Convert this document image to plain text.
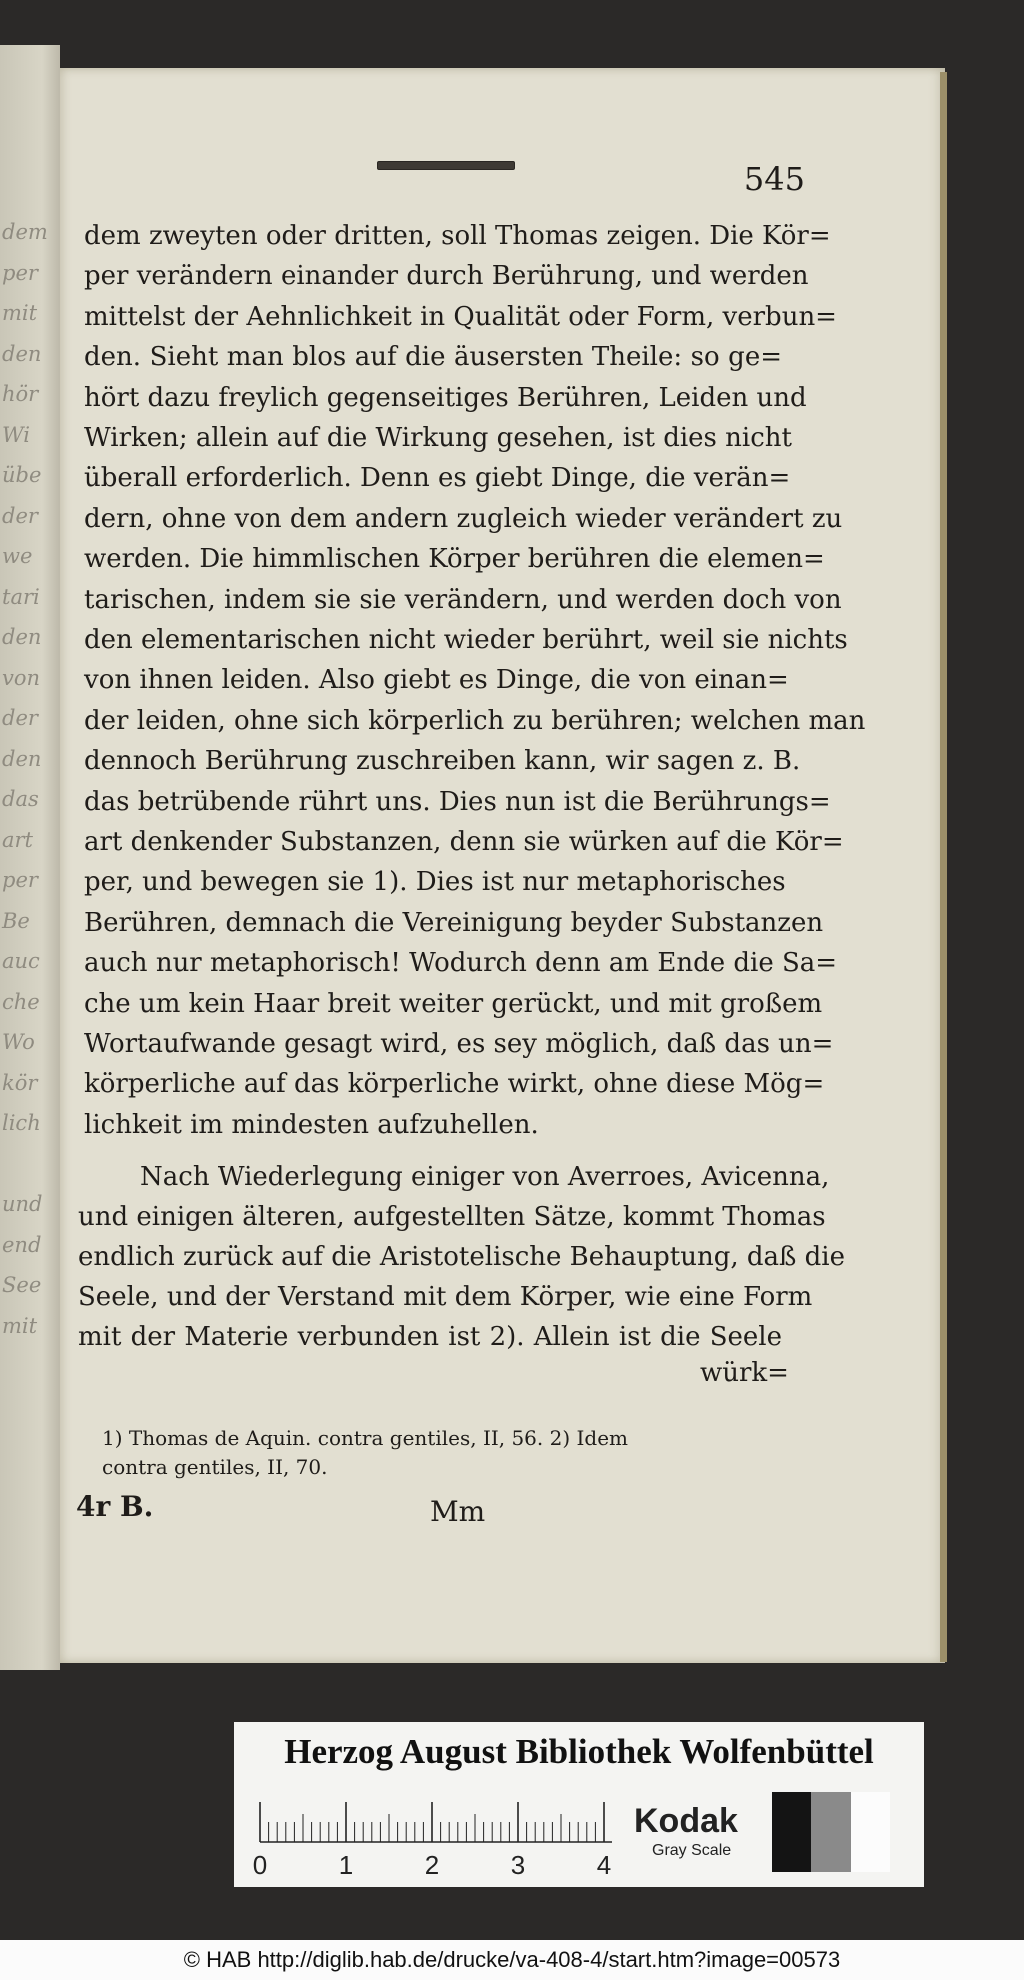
545
dem zweyten oder dritten, soll Thomas zeigen. Die Kör=
per verändern einander durch Berührung, und werden
mittelst der Aehnlichkeit in Qualität oder Form, verbun=
den. Sieht man blos auf die äusersten Theile: so ge=
hört dazu freylich gegenseitiges Berühren, Leiden und
Wirken; allein auf die Wirkung gesehen, ist dies nicht
überall erforderlich. Denn es giebt Dinge, die verän=
dern, ohne von dem andern zugleich wieder verändert zu
werden. Die himmlischen Körper berühren die elemen=
tarischen, indem sie sie verändern, und werden doch von
den elementarischen nicht wieder berührt, weil sie nichts
von ihnen leiden. Also giebt es Dinge, die von einan=
der leiden, ohne sich körperlich zu berühren; welchen man
dennoch Berührung zuschreiben kann, wir sagen z. B.
das betrübende rührt uns. Dies nun ist die Berührungs=
art denkender Substanzen, denn sie würken auf die Kör=
per, und bewegen sie 1). Dies ist nur metaphorisches
Berühren, demnach die Vereinigung beyder Substanzen
auch nur metaphorisch! Wodurch denn am Ende die Sa=
che um kein Haar breit weiter gerückt, und mit großem
Wortaufwande gesagt wird, es sey möglich, daß das un=
körperliche auf das körperliche wirkt, ohne diese Mög=
lichkeit im mindesten aufzuhellen.
Nach Wiederlegung einiger von Averroes, Avicenna,
und einigen älteren, aufgestellten Sätze, kommt Thomas
endlich zurück auf die Aristotelische Behauptung, daß die
Seele, und der Verstand mit dem Körper, wie eine Form
mit der Materie verbunden ist 2). Allein ist die Seele
würk=
1) Thomas de Aquin. contra gentiles, II, 56. 2) Idem
contra gentiles, II, 70.
4r B.	Mm
dem
per
mit
den
hör
Wi
übe
der
we
tari
den
von
der
den
das
art
per
Be
auc
che
Wo
kör
lich
und
end
See
mit
Herzog August Bibliothek Wolfenbüttel
0	1	2	3	4
Kodak
Gray Scale
© HAB http://diglib.hab.de/drucke/va-408-4/start.htm?image=00573
